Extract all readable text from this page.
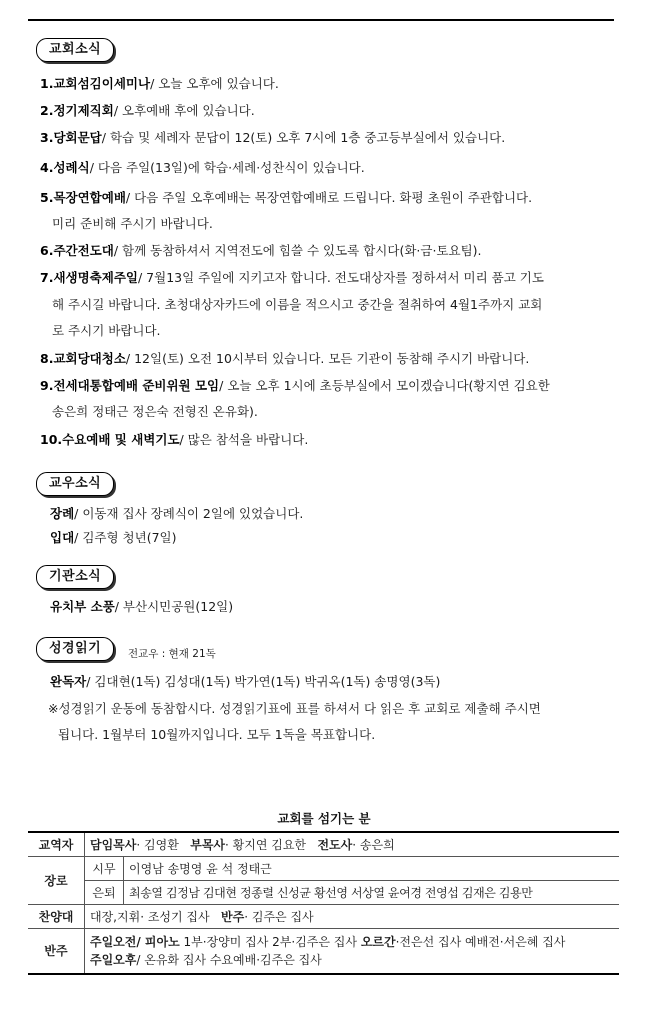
교회소식
1.교회섬김이세미나/ 오늘 오후에 있습니다.
2.정기제직회/ 오후예배 후에 있습니다.
3.당회문답/ 학습 및 세례자 문답이 12(토) 오후 7시에 1층 중고등부실에서 있습니다.
4.성례식/ 다음 주일(13일)에 학습·세례·성찬식이 있습니다.
5.목장연합예배/ 다음 주일 오후예배는 목장연합예배로 드립니다. 화평 초원이 주관합니다.
미리 준비해 주시기 바랍니다.
6.주간전도대/ 함께 동참하셔서 지역전도에 힘쓸 수 있도록 합시다(화·금·토요팀).
7.새생명축제주일/ 7월13일 주일에 지키고자 합니다. 전도대상자를 정하셔서 미리 품고 기도
해 주시길 바랍니다. 초청대상자카드에 이름을 적으시고 중간을 절취하여 4월1주까지 교회
로 주시기 바랍니다.
8.교회당대청소/ 12일(토) 오전 10시부터 있습니다. 모든 기관이 동참해 주시기 바랍니다.
9.전세대통합예배 준비위원 모임/ 오늘 오후 1시에 초등부실에서 모이겠습니다(황지연 김요한
송은희 정태근 정은숙 전형진 온유화).
10.수요예배 및 새벽기도/ 많은 참석을 바랍니다.
교우소식
장례/ 이동재 집사 장례식이 2일에 있었습니다.
입대/ 김주형 청년(7일)
기관소식
유치부 소풍/ 부산시민공원(12일)
성경읽기	전교우 : 현재 21독
완독자/ 김대현(1독) 김성대(1독) 박가연(1독) 박귀옥(1독) 송명영(3독)
※성경읽기 운동에 동참합시다. 성경읽기표에 표를 하셔서 다 읽은 후 교회로 제출해 주시면
됩니다. 1월부터 10월까지입니다. 모두 1독을 목표합니다.
교회를 섬기는 분
교역자	담임목사· 김영환 부목사· 황지연 김요한 전도사· 송은희	
장로	시무	이영남 송명영 윤 석 정태근
	은퇴	최송열 김정남 김대현 정종렬 신성균 황선영 서상열 윤여경 전영섭 김재은 김용만
찬양대	대장,지휘· 조성기 집사 반주· 김주은 집사	
반주	주일오전/ 피아노 1부·장양미 집사 2부·김주은 집사 오르간·전은선 집사 예배전·서은혜 집사
주일오후/ 온유화 집사 수요예배·김주은 집사	
